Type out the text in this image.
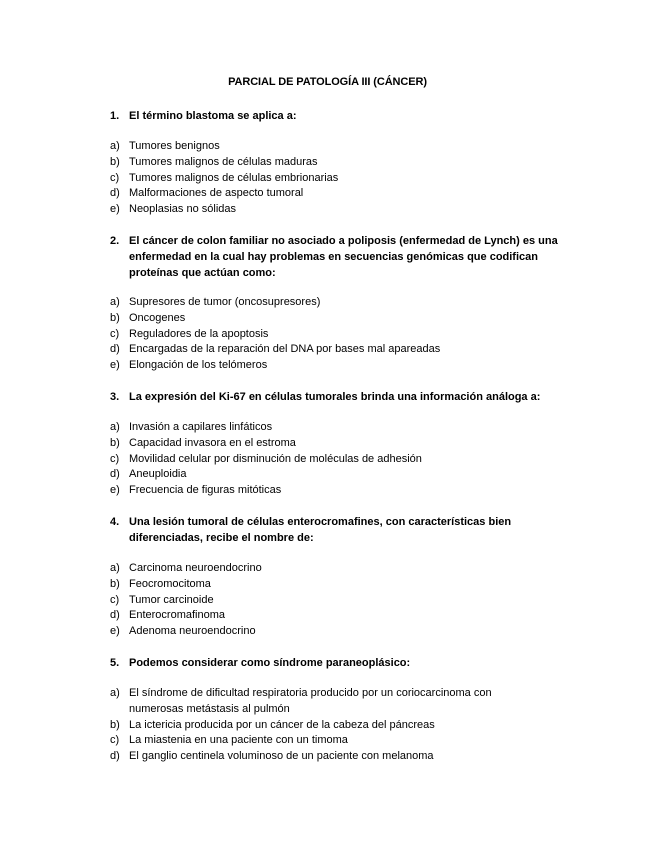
PARCIAL DE PATOLOGÍA III (CÁNCER)
1. El término blastoma se aplica a:
a) Tumores benignos
b) Tumores malignos de células maduras
c) Tumores malignos de células embrionarias
d) Malformaciones de aspecto tumoral
e) Neoplasias no sólidas
2. El cáncer de colon familiar no asociado a poliposis (enfermedad de Lynch) es una enfermedad en la cual hay problemas en secuencias genómicas que codifican proteínas que actúan como:
a) Supresores de tumor (oncosupresores)
b) Oncogenes
c) Reguladores de la apoptosis
d) Encargadas de la reparación del DNA por bases mal apareadas
e) Elongación de los telómeros
3. La expresión del Ki-67 en células tumorales brinda una información análoga a:
a) Invasión a capilares linfáticos
b) Capacidad invasora en el estroma
c) Movilidad celular por disminución de moléculas de adhesión
d) Aneuploidia
e) Frecuencia de figuras mitóticas
4. Una lesión tumoral de células enterocromafines, con características bien diferenciadas, recibe el nombre de:
a) Carcinoma neuroendocrino
b) Feocromocitoma
c) Tumor carcinoide
d) Enterocromafinoma
e) Adenoma neuroendocrino
5. Podemos considerar como síndrome paraneoplásico:
a) El síndrome de dificultad respiratoria producido por un coriocarcinoma con numerosas metástasis al pulmón
b) La ictericia producida por un cáncer de la cabeza del páncreas
c) La miastenia en una paciente con un timoma
d) El ganglio centinela voluminoso de un paciente con melanoma
